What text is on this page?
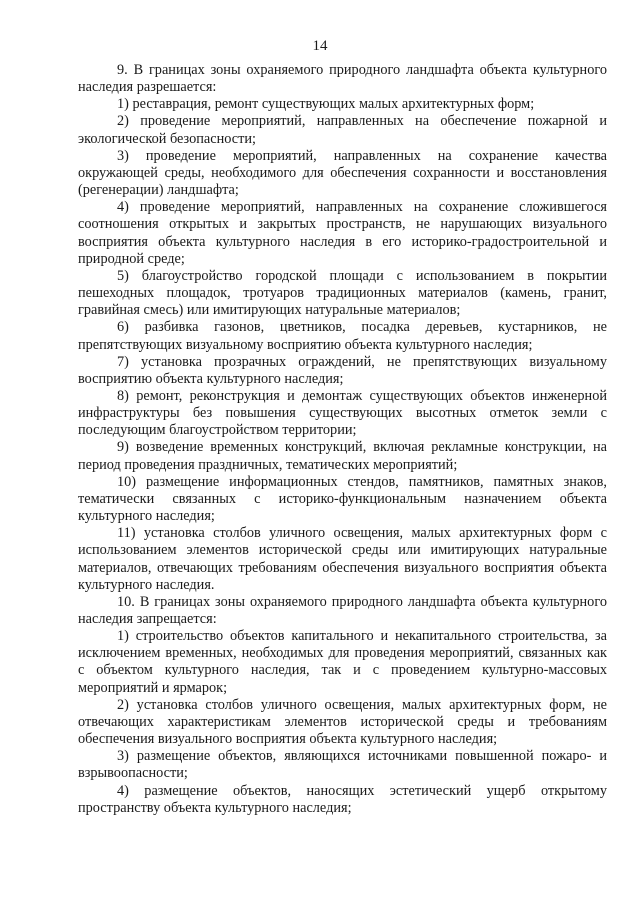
14

9. В границах зоны охраняемого природного ландшафта объекта культурного наследия разрешается:

1) реставрация, ремонт существующих малых архитектурных форм;

2) проведение мероприятий, направленных на обеспечение пожарной и экологической безопасности;

3) проведение мероприятий, направленных на сохранение качества окружающей среды, необходимого для обеспечения сохранности и восстановления (регенерации) ландшафта;

4) проведение мероприятий, направленных на сохранение сложившегося соотношения открытых и закрытых пространств, не нарушающих визуального восприятия объекта культурного наследия в его историко-градостроительной и природной среде;

5) благоустройство городской площади с использованием в покрытии пешеходных площадок, тротуаров традиционных материалов (камень, гранит, гравийная смесь) или имитирующих натуральные материалов;

6) разбивка газонов, цветников, посадка деревьев, кустарников, не препятствующих визуальному восприятию объекта культурного наследия;

7) установка прозрачных ограждений, не препятствующих визуальному восприятию объекта культурного наследия;

8) ремонт, реконструкция и демонтаж существующих объектов инженерной инфраструктуры без повышения существующих высотных отметок земли с последующим благоустройством территории;

9) возведение временных конструкций, включая рекламные конструкции, на период проведения праздничных, тематических мероприятий;

10) размещение информационных стендов, памятников, памятных знаков, тематически связанных с историко-функциональным назначением объекта культурного наследия;

11) установка столбов уличного освещения, малых архитектурных форм с использованием элементов исторической среды или имитирующих натуральные материалов, отвечающих требованиям обеспечения визуального восприятия объекта культурного наследия.

10. В границах зоны охраняемого природного ландшафта объекта культурного наследия запрещается:

1) строительство объектов капитального и некапитального строительства, за исключением временных, необходимых для проведения мероприятий, связанных как с объектом культурного наследия, так и с проведением культурно-массовых мероприятий и ярмарок;

2) установка столбов уличного освещения, малых архитектурных форм, не отвечающих характеристикам элементов исторической среды и требованиям обеспечения визуального восприятия объекта культурного наследия;

3) размещение объектов, являющихся источниками повышенной пожаро- и взрывоопасности;

4) размещение объектов, наносящих эстетический ущерб открытому пространству объекта культурного наследия;
